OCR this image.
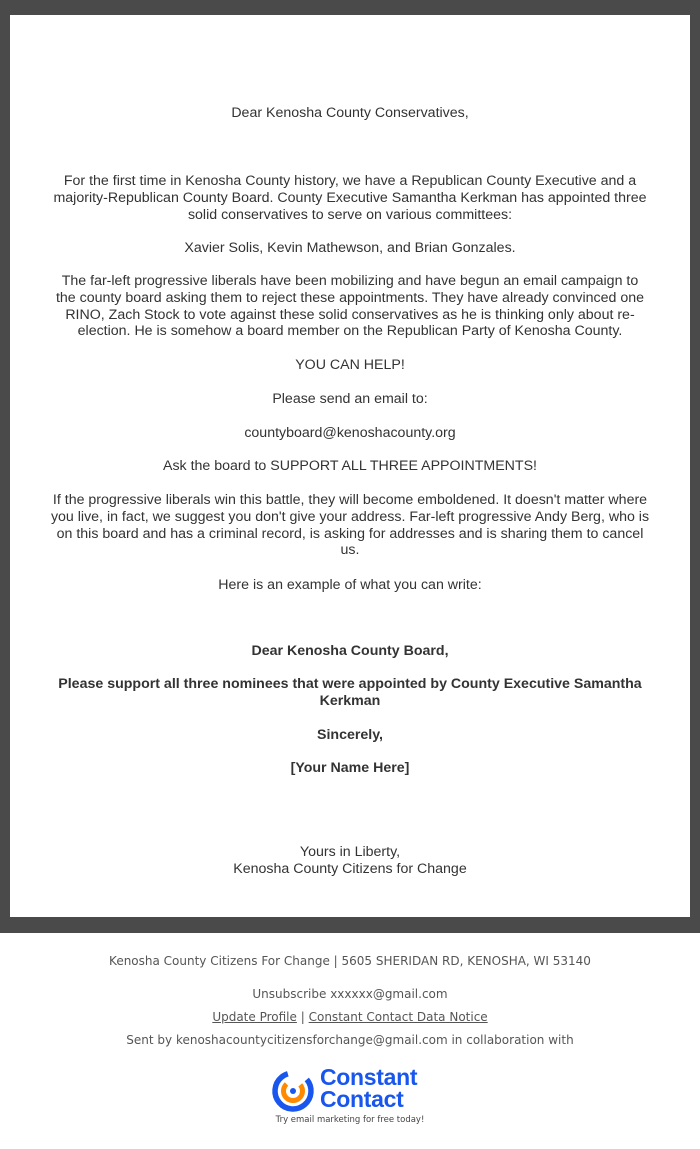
Dear Kenosha County Conservatives,

For the first time in Kenosha County history, we have a Republican County Executive and a majority-Republican County Board. County Executive Samantha Kerkman has appointed three solid conservatives to serve on various committees:

Xavier Solis, Kevin Mathewson, and Brian Gonzales.

The far-left progressive liberals have been mobilizing and have begun an email campaign to the county board asking them to reject these appointments. They have already convinced one RINO, Zach Stock to vote against these solid conservatives as he is thinking only about re-election. He is somehow a board member on the Republican Party of Kenosha County.

YOU CAN HELP!

Please send an email to:

countyboard@kenoshacounty.org

Ask the board to SUPPORT ALL THREE APPOINTMENTS!

If the progressive liberals win this battle, they will become emboldened. It doesn't matter where you live, in fact, we suggest you don't give your address. Far-left progressive Andy Berg, who is on this board and has a criminal record, is asking for addresses and is sharing them to cancel us.

Here is an example of what you can write:

Dear Kenosha County Board,

Please support all three nominees that were appointed by County Executive Samantha Kerkman

Sincerely,

[Your Name Here]

Yours in Liberty,

Kenosha County Citizens for Change

Kenosha County Citizens For Change | 5605 SHERIDAN RD, KENOSHA, WI 53140

Unsubscribe xxxxxx@gmail.com

Update Profile | Constant Contact Data Notice

Sent by kenoshacountycitizensforchange@gmail.com in collaboration with

Constant
Contact

Try email marketing for free today!
